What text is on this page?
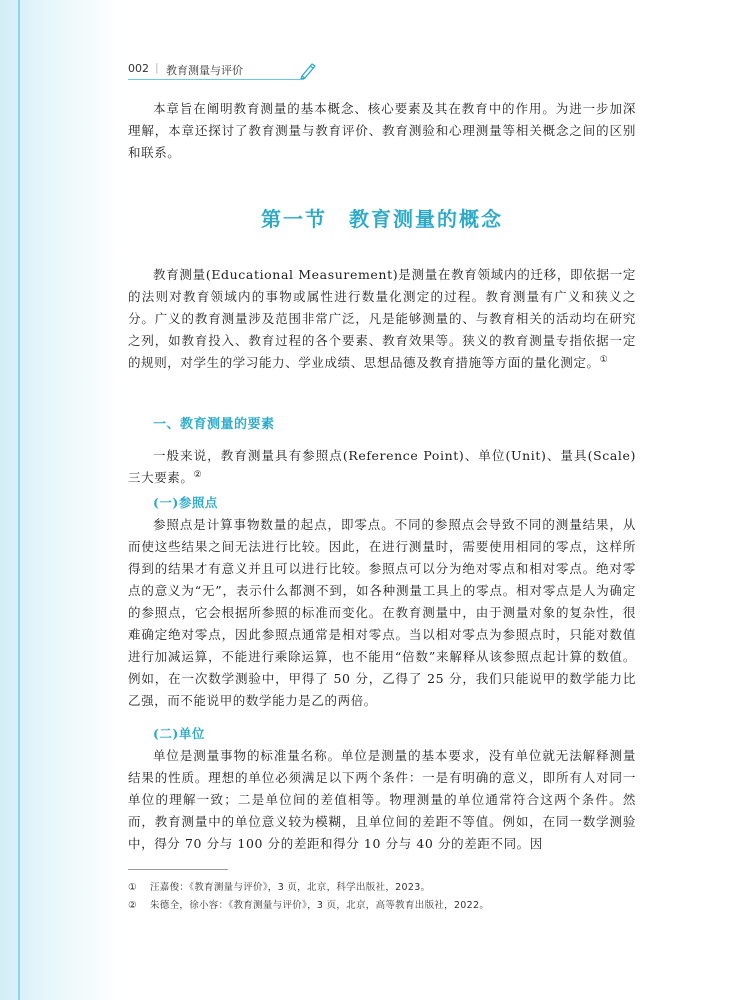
002 | 教育测量与评价

本章旨在阐明教育测量的基本概念、核心要素及其在教育中的作用。为进一步加深理解，本章还探讨了教育测量与教育评价、教育测验和心理测量等相关概念之间的区别和联系。

第一节　教育测量的概念

教育测量(Educational Measurement)是测量在教育领域内的迁移，即依据一定的法则对教育领域内的事物或属性进行数量化测定的过程。教育测量有广义和狭义之分。广义的教育测量涉及范围非常广泛，凡是能够测量的、与教育相关的活动均在研究之列，如教育投入、教育过程的各个要素、教育效果等。狭义的教育测量专指依据一定的规则，对学生的学习能力、学业成绩、思想品德及教育措施等方面的量化测定。①

一、教育测量的要素

一般来说，教育测量具有参照点(Reference Point)、单位(Unit)、量具(Scale)三大要素。②

(一)参照点

参照点是计算事物数量的起点，即零点。不同的参照点会导致不同的测量结果，从而使这些结果之间无法进行比较。因此，在进行测量时，需要使用相同的零点，这样所得到的结果才有意义并且可以进行比较。参照点可以分为绝对零点和相对零点。绝对零点的意义为“无”，表示什么都测不到，如各种测量工具上的零点。相对零点是人为确定的参照点，它会根据所参照的标准而变化。在教育测量中，由于测量对象的复杂性，很难确定绝对零点，因此参照点通常是相对零点。当以相对零点为参照点时，只能对数值进行加减运算，不能进行乘除运算，也不能用“倍数”来解释从该参照点起计算的数值。例如，在一次数学测验中，甲得了 50 分，乙得了 25 分，我们只能说甲的数学能力比乙强，而不能说甲的数学能力是乙的两倍。

(二)单位

单位是测量事物的标准量名称。单位是测量的基本要求，没有单位就无法解释测量结果的性质。理想的单位必须满足以下两个条件：一是有明确的意义，即所有人对同一单位的理解一致；二是单位间的差值相等。物理测量的单位通常符合这两个条件。然而，教育测量中的单位意义较为模糊，且单位间的差距不等值。例如，在同一数学测验中，得分 70 分与 100 分的差距和得分 10 分与 40 分的差距不同。因

① 汪嘉俊：《教育测量与评价》，3 页，北京，科学出版社，2023。
② 朱德全，徐小容：《教育测量与评价》，3 页，北京，高等教育出版社，2022。
